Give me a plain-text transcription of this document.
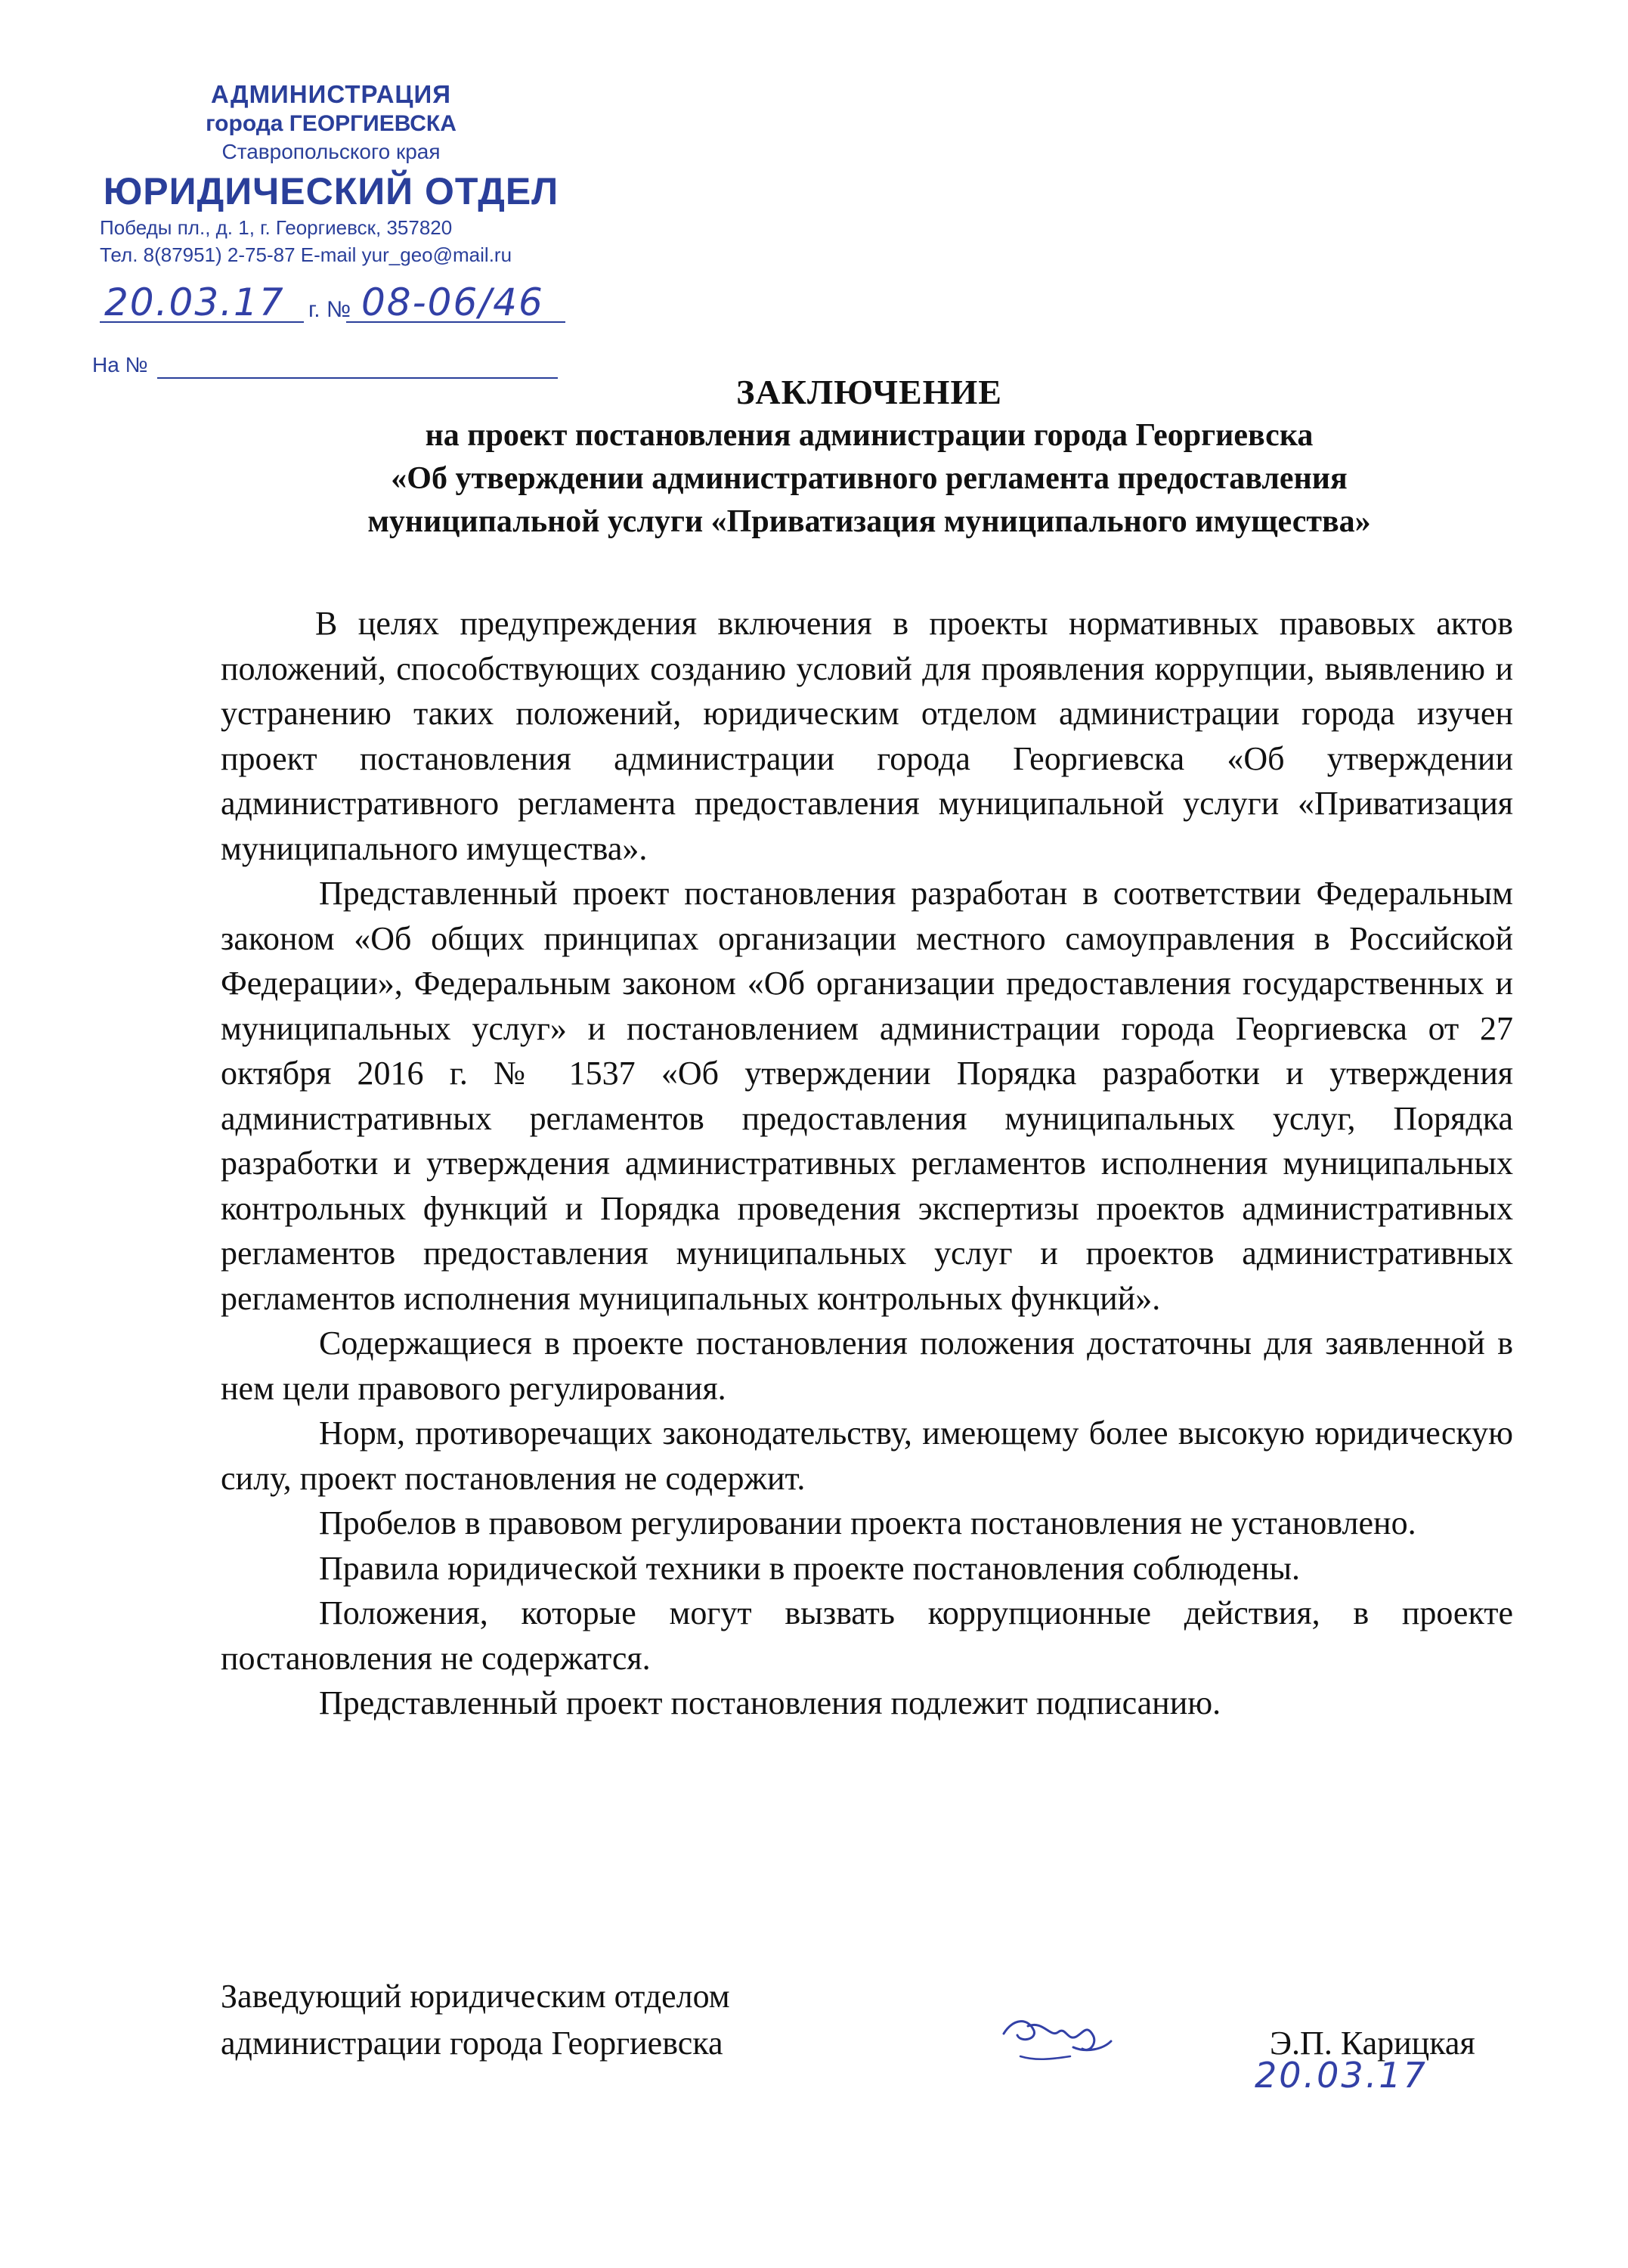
АДМИНИСТРАЦИЯ
города ГЕОРГИЕВСКА
Ставропольского края
ЮРИДИЧЕСКИЙ ОТДЕЛ
Победы пл., д. 1, г. Георгиевск, 357820
Тел. 8(87951) 2-75-87 E-mail yur_geo@mail.ru
20.03.17 г. № 08-06/46
На №
ЗАКЛЮЧЕНИЕ
на проект постановления администрации города Георгиевска
«Об утверждении административного регламента предоставления
муниципальной услуги «Приватизация муниципального имущества»

В целях предупреждения включения в проекты нормативных правовых актов положений, способствующих созданию условий для проявления коррупции, выявлению и устранению таких положений, юридическим отделом администрации города изучен проект постановления администрации города Георгиевска «Об утверждении административного регламента предоставления муниципальной услуги «Приватизация муниципального имущества».

Представленный проект постановления разработан в соответствии Федеральным законом «Об общих принципах организации местного самоуправления в Российской Федерации», Федеральным законом «Об организации предоставления государственных и муниципальных услуг» и постановлением администрации города Георгиевска от 27 октября 2016 г. № 1537 «Об утверждении Порядка разработки и утверждения административных регламентов предоставления муниципальных услуг, Порядка разработки и утверждения административных регламентов исполнения муниципальных контрольных функций и Порядка проведения экспертизы проектов административных регламентов предоставления муниципальных услуг и проектов административных регламентов исполнения муниципальных контрольных функций».

Содержащиеся в проекте постановления положения достаточны для заявленной в нем цели правового регулирования.

Норм, противоречащих законодательству, имеющему более высокую юридическую силу, проект постановления не содержит.

Пробелов в правовом регулировании проекта постановления не установлено.

Правила юридической техники в проекте постановления соблюдены.

Положения, которые могут вызвать коррупционные действия, в проекте постановления не содержатся.

Представленный проект постановления подлежит подписанию.

Заведующий юридическим отделом
администрации города Георгиевска	Э.П. Карицкая
20.03.17
